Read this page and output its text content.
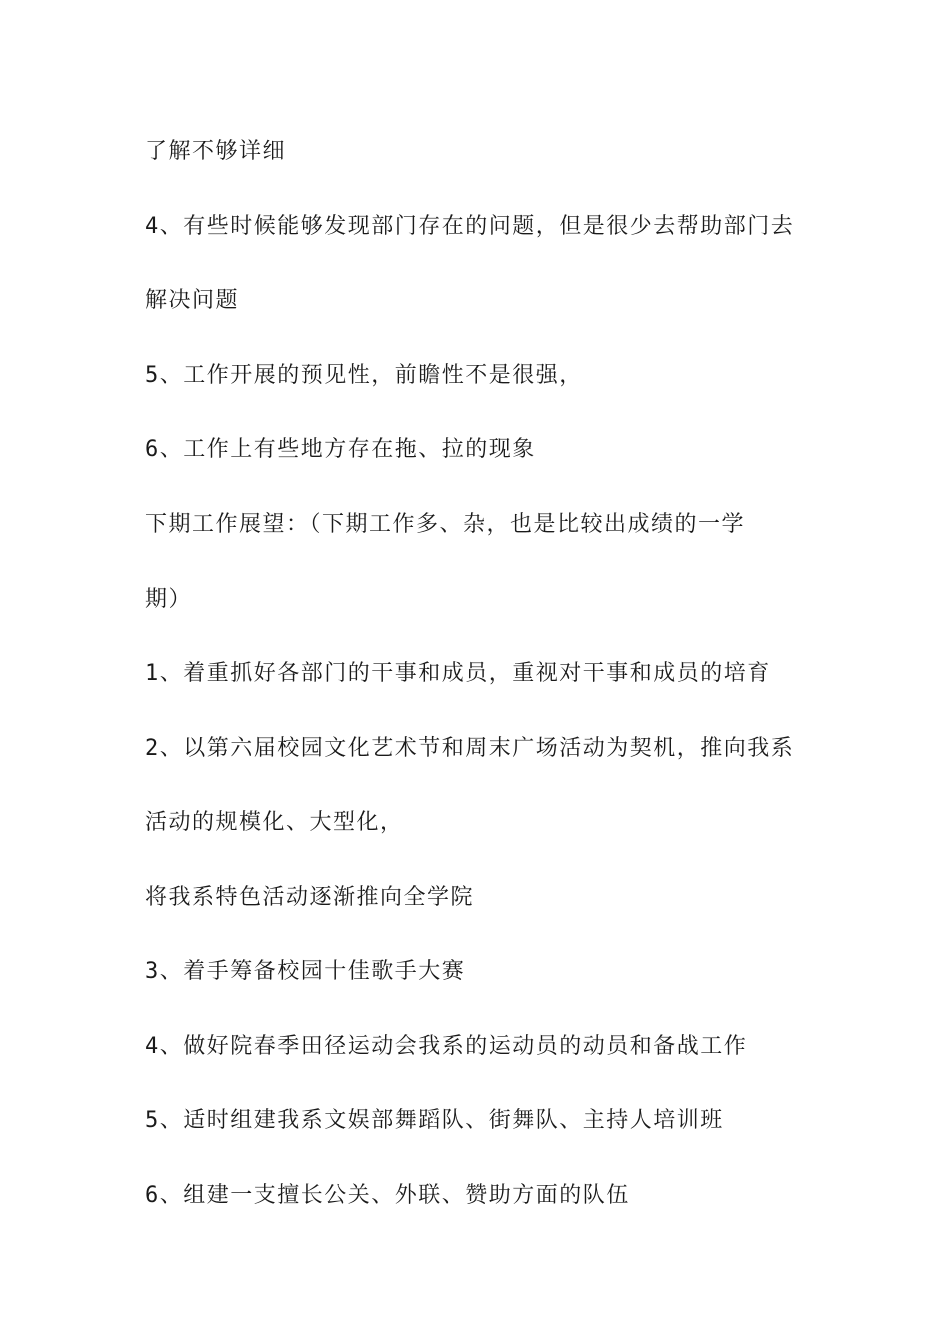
了解不够详细
4、有些时候能够发现部门存在的问题，但是很少去帮助部门去
解决问题
5、工作开展的预见性，前瞻性不是很强，
6、工作上有些地方存在拖、拉的现象
下期工作展望：（下期工作多、杂，也是比较出成绩的一学
期）
1、着重抓好各部门的干事和成员，重视对干事和成员的培育
2、以第六届校园文化艺术节和周末广场活动为契机，推向我系
活动的规模化、大型化，
将我系特色活动逐渐推向全学院
3、着手筹备校园十佳歌手大赛
4、做好院春季田径运动会我系的运动员的动员和备战工作
5、适时组建我系文娱部舞蹈队、街舞队、主持人培训班
6、组建一支擅长公关、外联、赞助方面的队伍
